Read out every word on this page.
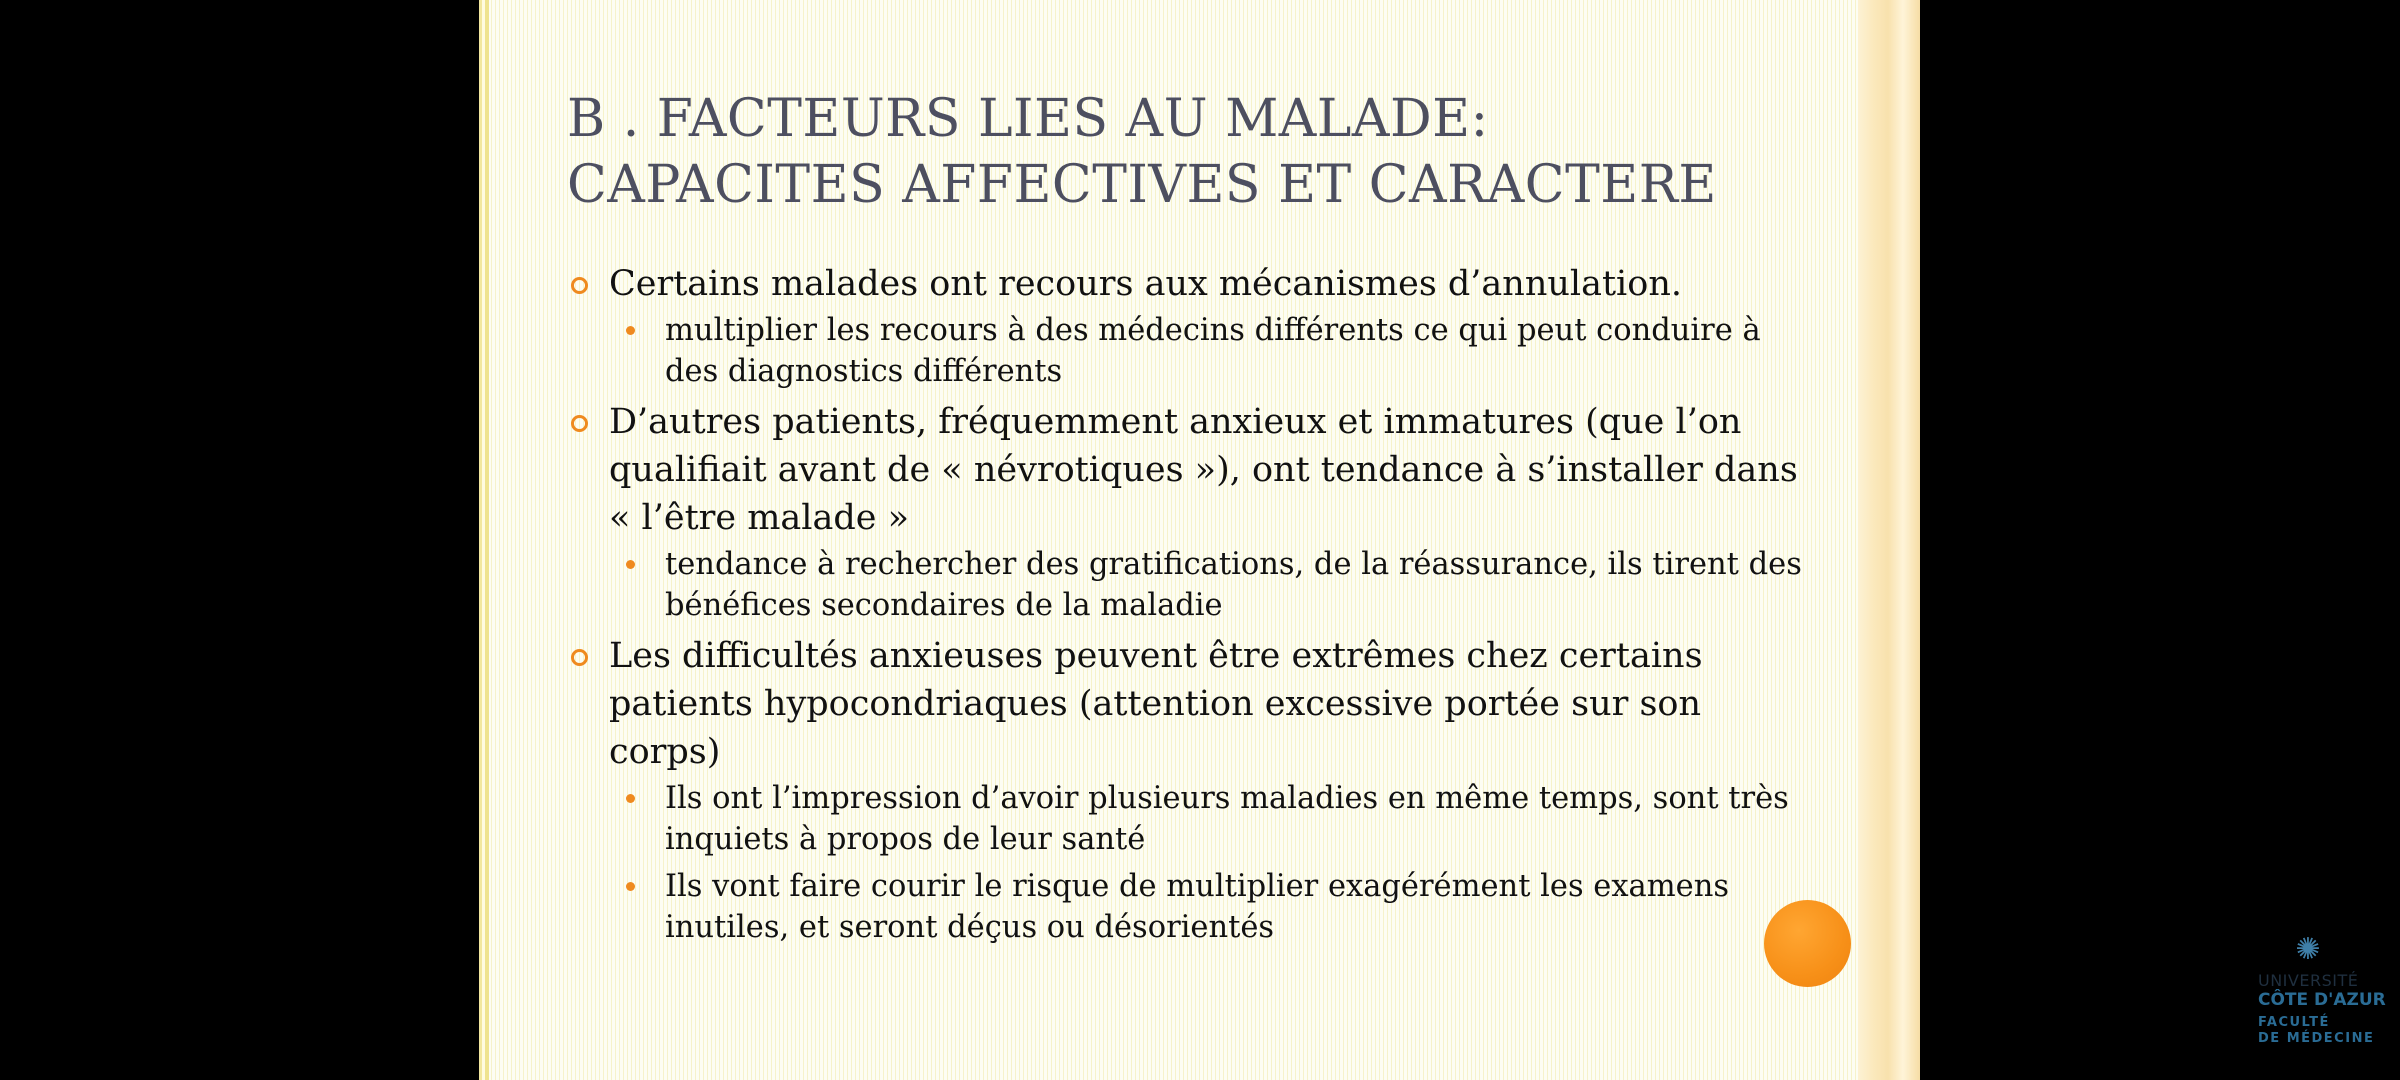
B . FACTEURS LIES AU MALADE:
CAPACITES AFFECTIVES ET CARACTERE
Certains malades ont recours aux mécanismes d’annulation.
multiplier les recours à des médecins différents ce qui peut conduire à des diagnostics différents
D’autres patients, fréquemment anxieux et immatures (que l’on qualifiait avant de « névrotiques »), ont tendance à s’installer dans « l’être malade »
tendance à rechercher des gratifications, de la réassurance, ils tirent des bénéfices secondaires de la maladie
Les difficultés anxieuses peuvent être extrêmes chez certains patients hypocondriaques (attention excessive portée sur son corps)
Ils ont l’impression d’avoir plusieurs maladies en même temps, sont très inquiets à propos de leur santé
Ils vont faire courir le risque de multiplier exagérément les examens inutiles, et seront déçus ou désorientés
✺
UNIVERSITÉ
CÔTE D'AZUR
FACULTÉ
DE MÉDECINE
